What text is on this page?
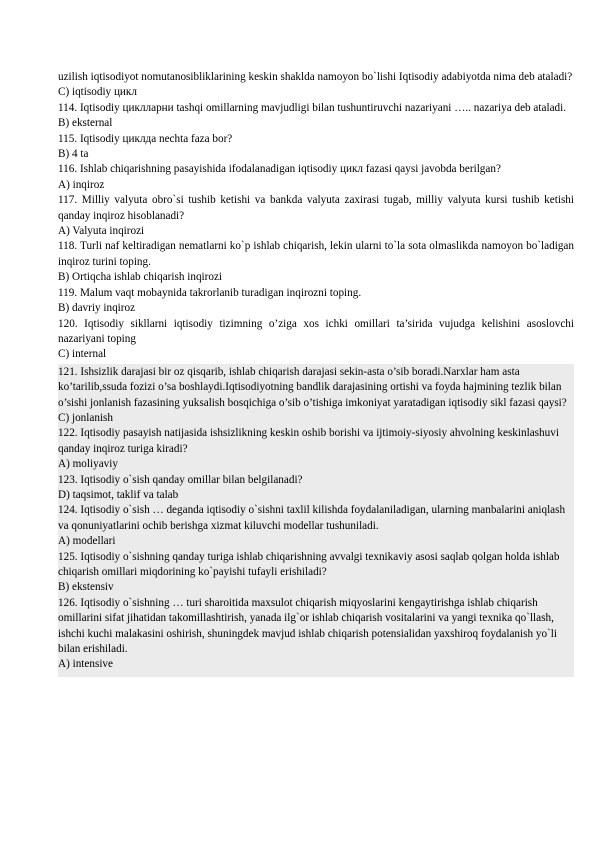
uzilish iqtisodiyot nomutanosibliklarining keskin shaklda namoyon bo`lishi Iqtisodiy adabiyotda nima deb ataladi?

C) iqtisodiy цикл

114. Iqtisodiy цикллaрни tashqi omillarning mavjudligi bilan tushuntiruvchi nazariyani ….. nazariya deb ataladi.

B) eksternal

115. Iqtisodiy циклдa nechta faza bor?

B) 4 ta

116. Ishlab chiqarishning pasayishida ifodalanadigan iqtisodiy цикл fazasi qaysi javobda berilgan?

A) inqiroz

117. Milliy valyuta obro`si tushib ketishi va bankda valyuta zaxirasi tugab, milliy valyuta kursi tushib ketishi qanday inqiroz hisoblanadi?

A) Valyuta inqirozi

118. Turli naf keltiradigan nematlarni ko`p ishlab chiqarish, lekin ularni to`la sota olmaslikda namoyon bo`ladigan inqiroz turini toping.

B) Ortiqcha ishlab chiqarish inqirozi

119. Malum vaqt mobaynida takrorlanib turadigan inqirozni toping.

B) davriy inqiroz

120. Iqtisodiy sikllarni iqtisodiy tizimning o’ziga xos ichki omillari ta’sirida vujudga kelishini asoslovchi nazariyani toping

C) internal

121. Ishsizlik darajasi bir oz qisqarib, ishlab chiqarish darajasi sekin-asta o’sib boradi.Narxlar ham asta ko’tarilib,ssuda fozizi o’sa boshlaydi.Iqtisodiyotning bandlik darajasining ortishi va foyda hajmining tezlik bilan o’sishi jonlanish fazasining yuksalish bosqichiga o’sib o’tishiga imkoniyat yaratadigan iqtisodiy sikl fazasi qaysi?

C) jonlanish

122. Iqtisodiy pasayish natijasida ishsizlikning keskin oshib borishi va ijtimoiy-siyosiy ahvolning keskinlashuvi qanday inqiroz turiga kiradi?

A) moliyaviy

123. Iqtisodiy o`sish qanday omillar bilan belgilanadi?

D) taqsimot, taklif va talab

124. Iqtisodiy o`sish … deganda iqtisodiy o`sishni taxlil kilishda foydalaniladigan, ularning manbalarini aniqlash va qonuniyatlarini ochib berishga xizmat kiluvchi modellar tushuniladi.

A) modellari

125. Iqtisodiy o`sishning qanday turiga ishlab chiqarishning avvalgi texnikaviy asosi saqlab qolgan holda ishlab chiqarish omillari miqdorining ko`payishi tufayli erishiladi?

B) ekstensiv

126. Iqtisodiy o`sishning … turi sharoitida maxsulot chiqarish miqyoslarini kengaytirishga ishlab chiqarish omillarini sifat jihatidan takomillashtirish, yanada ilg`or ishlab chiqarish vositalarini va yangi texnika qo`llash, ishchi kuchi malakasini oshirish, shuningdek mavjud ishlab chiqarish potensialidan yaxshiroq foydalanish yo`li bilan erishiladi.

A) intensive
